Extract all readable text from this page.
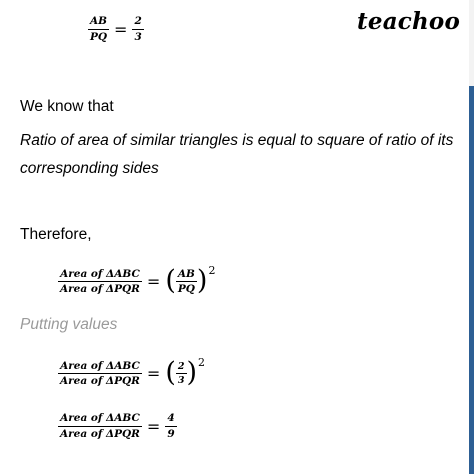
teachoo
$\frac{AB}{PQ} = \frac{2}{3}$
We know that
Ratio of area of similar triangles is equal to square of ratio of its
corresponding sides
Therefore,
$\frac{\text{Area of ΔABC}}{\text{Area of ΔPQR}}$ = ( $\frac{AB}{PQ}$ ) 2
Putting values
$\frac{\text{Area of ΔABC}}{\text{Area of ΔPQR}}$ = ( $\frac{2}{3}$ ) 2
$\frac{\text{Area of ΔABC}}{\text{Area of ΔPQR}} = \frac{4}{9}$
